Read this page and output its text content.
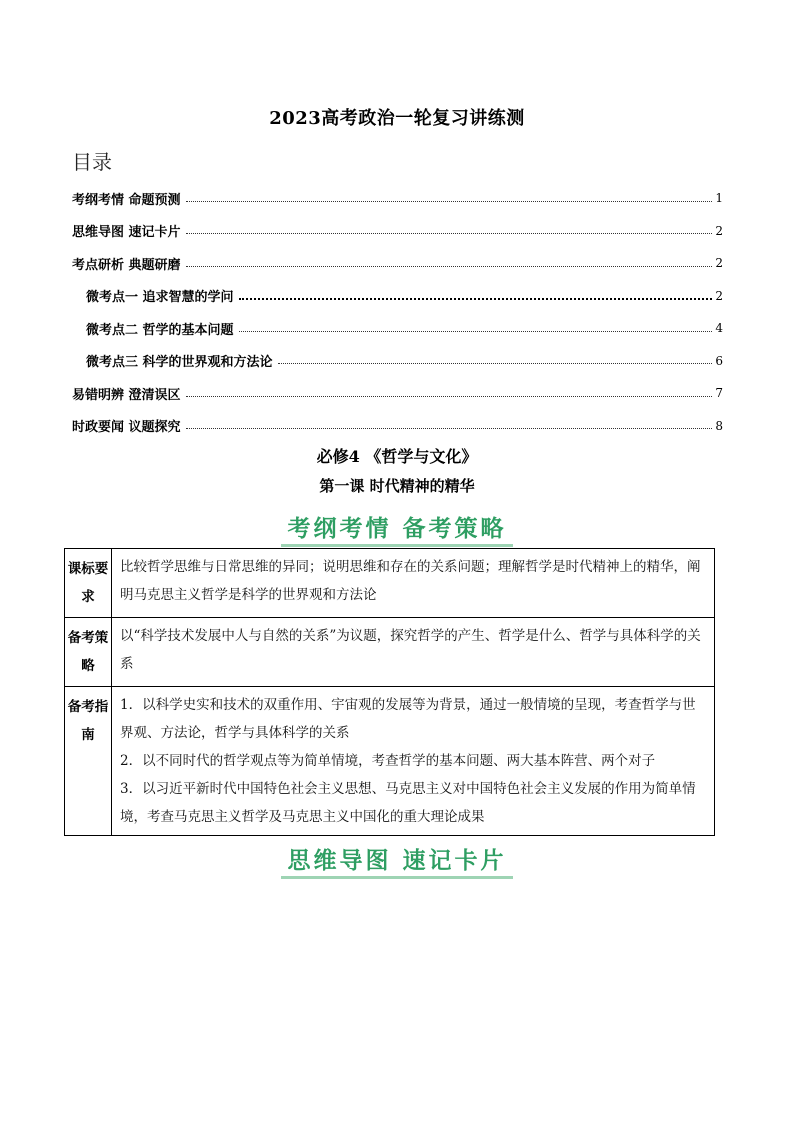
2023高考政治一轮复习讲练测
目录
考纲考情 命题预测	1
思维导图 速记卡片	2
考点研析 典题研磨	2
微考点一 追求智慧的学问	2
微考点二 哲学的基本问题	4
微考点三 科学的世界观和方法论	6
易错明辨 澄清误区	7
时政要闻 议题探究	8
必修4 《哲学与文化》
第一课 时代精神的精华
考纲考情 备考策略
课标要求	比较哲学思维与日常思维的异同；说明思维和存在的关系问题；理解哲学是时代精神上的精华，阐明马克思主义哲学是科学的世界观和方法论

备考策略	以“科学技术发展中人与自然的关系”为议题，探究哲学的产生、哲学是什么、哲学与具体科学的关系

备考指南	1．以科学史实和技术的双重作用、宇宙观的发展等为背景，通过一般情境的呈现，考查哲学与世界观、方法论，哲学与具体科学的关系

2．以不同时代的哲学观点等为简单情境，考查哲学的基本问题、两大基本阵营、两个对子

3．以习近平新时代中国特色社会主义思想、马克思主义对中国特色社会主义发展的作用为简单情境，考查马克思主义哲学及马克思主义中国化的重大理论成果

思维导图 速记卡片
